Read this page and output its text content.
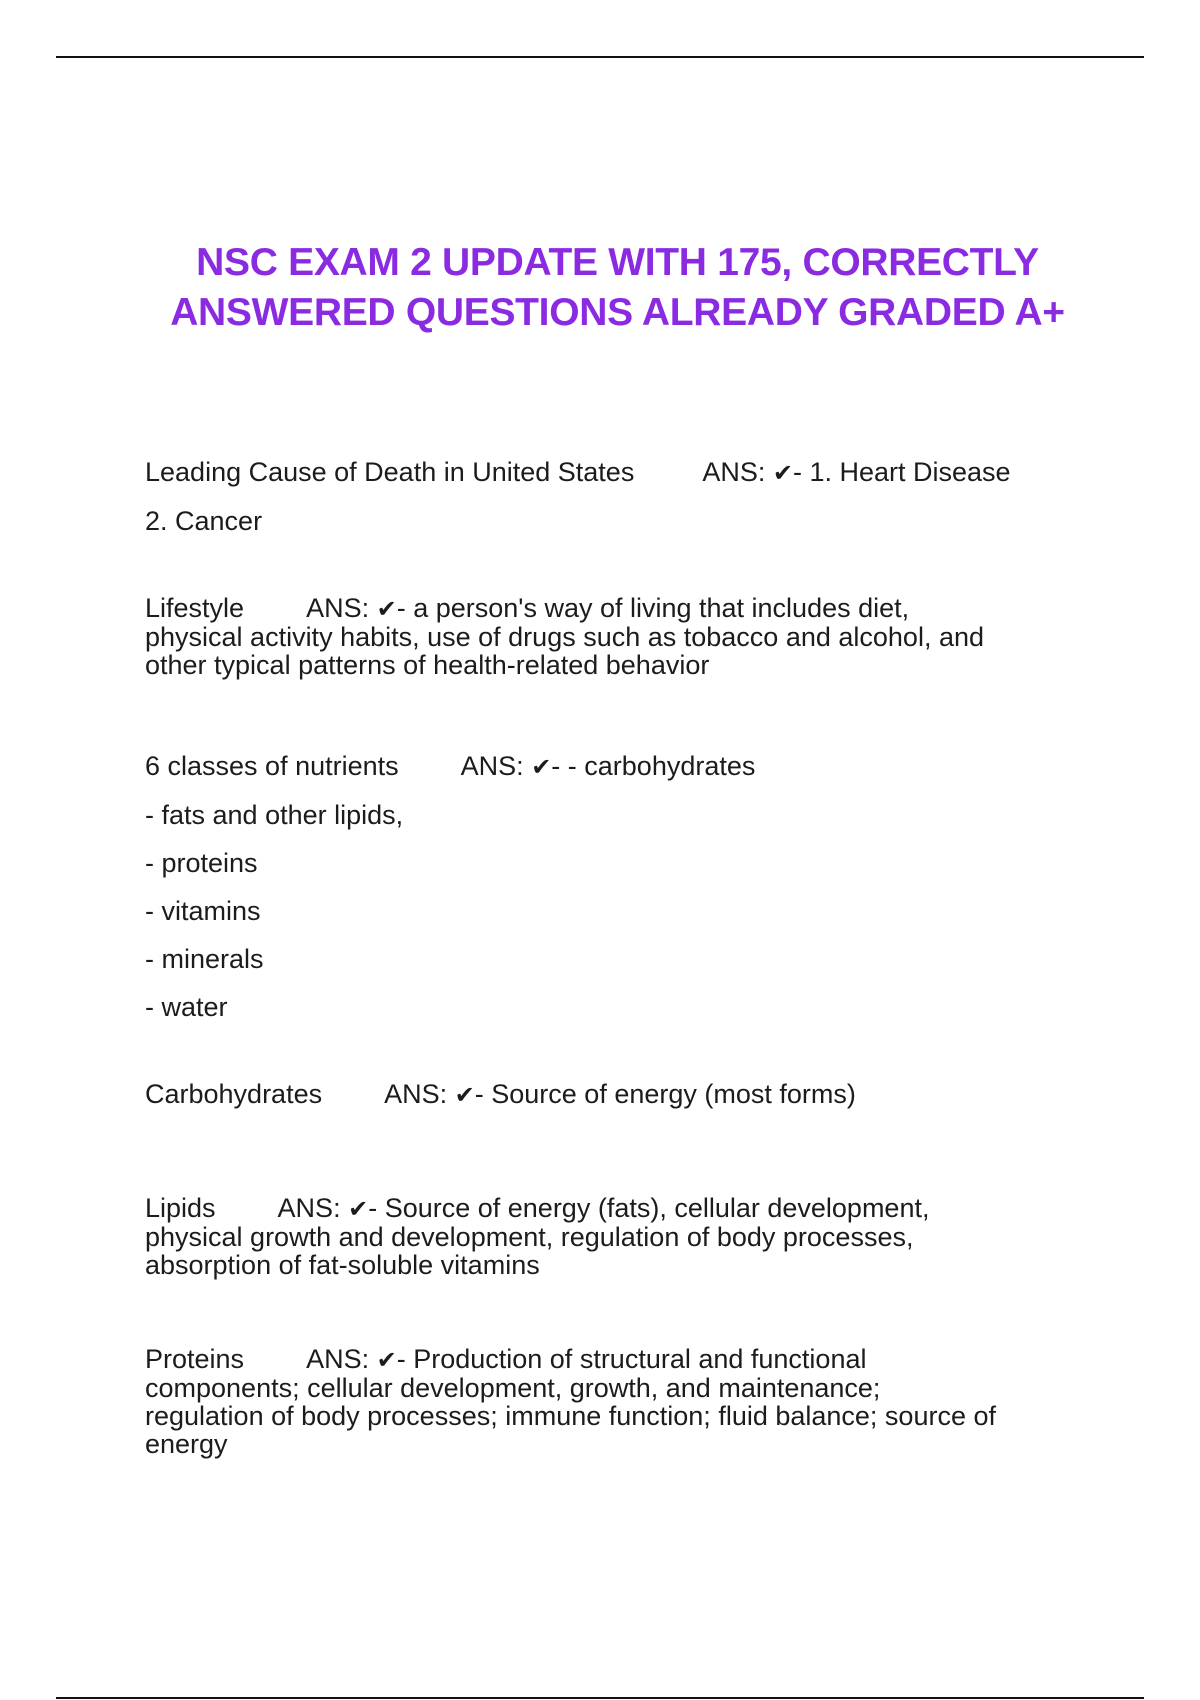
NSC EXAM 2 UPDATE WITH 175, CORRECTLY
ANSWERED QUESTIONS ALREADY GRADED A+
Leading Cause of Death in United States	ANS: ✔- 1. Heart Disease
2. Cancer
Lifestyle ANS: ✔- a person's way of living that includes diet,
physical activity habits, use of drugs such as tobacco and alcohol, and
other typical patterns of health-related behavior
6 classes of nutrients ANS: ✔- - carbohydrates
- fats and other lipids,
- proteins
- vitamins
- minerals
- water
Carbohydrates ANS: ✔- Source of energy (most forms)
Lipids ANS: ✔- Source of energy (fats), cellular development,
physical growth and development, regulation of body processes,
absorption of fat-soluble vitamins
Proteins ANS: ✔- Production of structural and functional
components; cellular development, growth, and maintenance;
regulation of body processes; immune function; fluid balance; source of
energy
